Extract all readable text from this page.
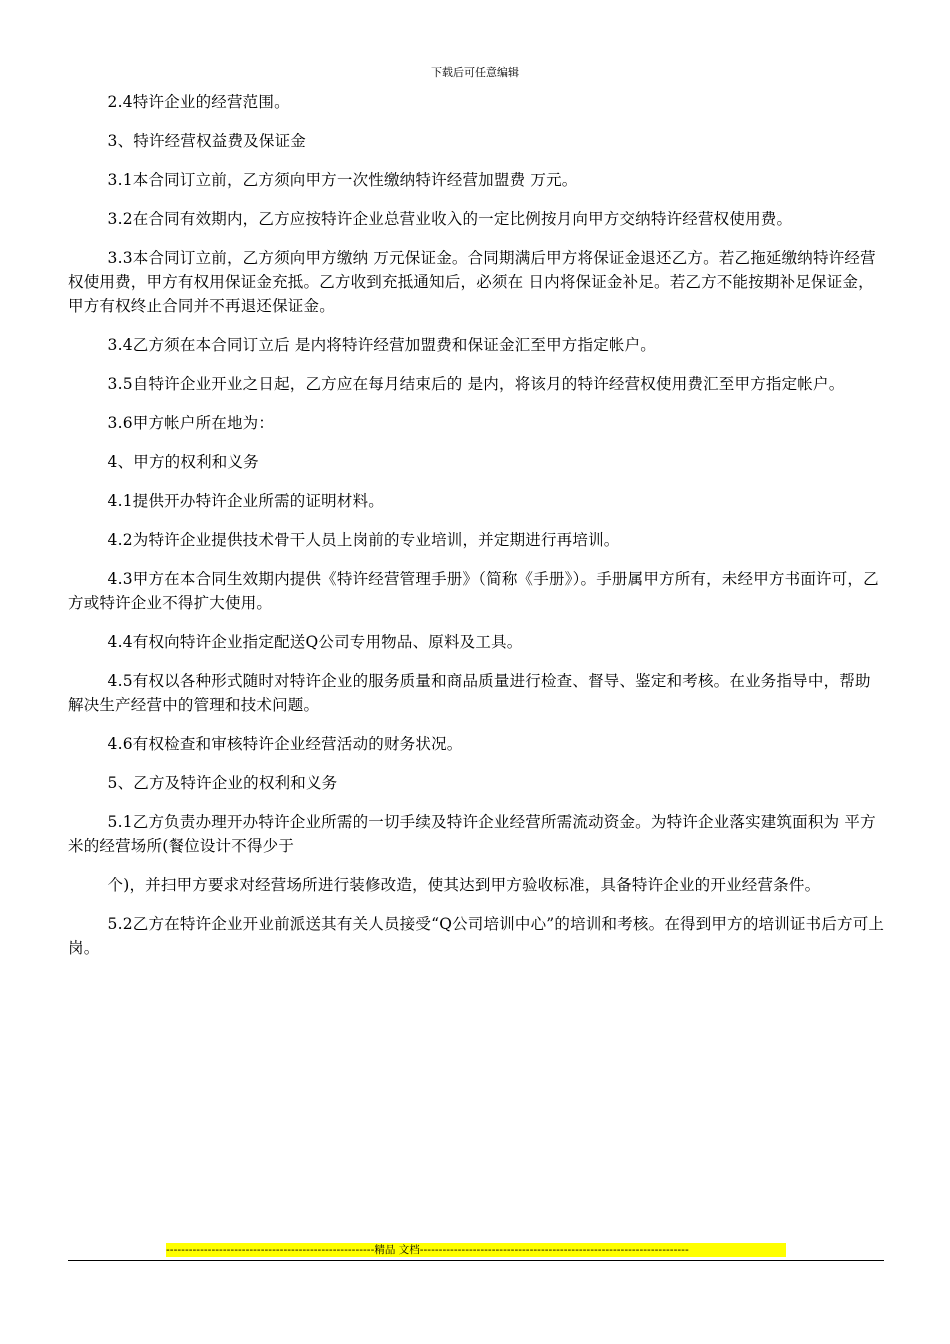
下载后可任意编辑

2.4特许企业的经营范围。

3、特许经营权益费及保证金

3.1本合同订立前，乙方须向甲方一次性缴纳特许经营加盟费 万元。

3.2在合同有效期内，乙方应按特许企业总营业收入的一定比例按月向甲方交纳特许经营权使用费。

3.3本合同订立前，乙方须向甲方缴纳 万元保证金。合同期满后甲方将保证金退还乙方。若乙拖延缴纳特许经营权使用费，甲方有权用保证金充抵。乙方收到充抵通知后，必须在 日内将保证金补足。若乙方不能按期补足保证金，甲方有权终止合同并不再退还保证金。

3.4乙方须在本合同订立后 是内将特许经营加盟费和保证金汇至甲方指定帐户。

3.5自特许企业开业之日起，乙方应在每月结束后的 是内，将该月的特许经营权使用费汇至甲方指定帐户。

3.6甲方帐户所在地为：

4、甲方的权利和义务

4.1提供开办特许企业所需的证明材料。

4.2为特许企业提供技术骨干人员上岗前的专业培训，并定期进行再培训。

4.3甲方在本合同生效期内提供《特许经营管理手册》（简称《手册》）。手册属甲方所有，未经甲方书面许可，乙方或特许企业不得扩大使用。

4.4有权向特许企业指定配送Q公司专用物品、原料及工具。

4.5有权以各种形式随时对特许企业的服务质量和商品质量进行检查、督导、鉴定和考核。在业务指导中，帮助解决生产经营中的管理和技术问题。

4.6有权检查和审核特许企业经营活动的财务状况。

5、乙方及特许企业的权利和义务

5.1乙方负责办理开办特许企业所需的一切手续及特许企业经营所需流动资金。为特许企业落实建筑面积为 平方米的经营场所(餐位设计不得少于

个)，并扫甲方要求对经营场所进行装修改造，使其达到甲方验收标准，具备特许企业的开业经营条件。

5.2乙方在特许企业开业前派送其有关人员接受“Q公司培训中心”的培训和考核。在得到甲方的培训证书后方可上岗。

-------------------------------------------------------精品 文档-----------------------------------------------------------------------
